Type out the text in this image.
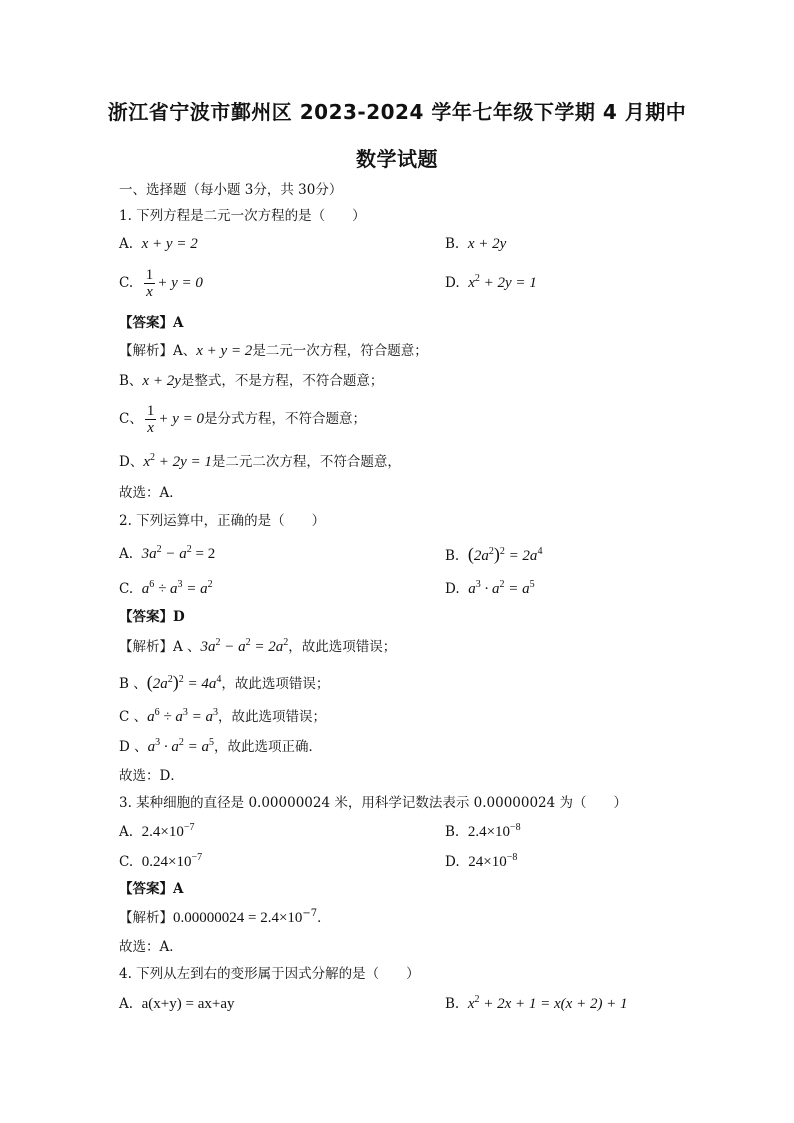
浙江省宁波市鄞州区 2023-2024 学年七年级下学期 4 月期中
数学试题
一、选择题（每小题 3分，共 30分）
1. 下列方程是二元一次方程的是（　　）
A. x + y = 2	B. x + 2y
C. $\frac{1}{x} + y = 0$	D. $x^2 + 2y = 1$
【答案】A
【解析】A、x + y = 2是二元一次方程，符合题意；
B、x + 2y是整式，不是方程，不符合题意；
C、 $\frac{1}{x} + y = 0$是分式方程，不符合题意；
D、$x^2 + 2y = 1$是二元二次方程，不符合题意，
故选：A．
2. 下列运算中，正确的是（　　）
A. $3a^2 - a^2 = 2$	B. $(2a^2)^2 = 2a^4$
C. $a^6 \div a^3 = a^2$	D. $a^3 \cdot a^2 = a^5$
【答案】D
【解析】A 、$3a^2 - a^2 = 2a^2$，故此选项错误；
B 、$(2a^2)^2 = 4a^4$，故此选项错误；
C 、$a^6 \div a^3 = a^3$，故此选项错误；
D 、$a^3 \cdot a^2 = a^5$，故此选项正确．
故选：D．
3. 某种细胞的直径是 0.00000024 米，用科学记数法表示 0.00000024 为（　　）
A. $2.4\times 10^{-7}$	B. $2.4\times 10^{-8}$
C. $0.24\times 10^{-7}$	D. $24\times 10^{-8}$
【答案】A
【解析】$0.00000024 = 2.4\times 10^{-7}$．
故选：A．
4. 下列从左到右的变形属于因式分解的是（　　）
A. a(x+y) = ax+ay	B. $x^2 + 2x + 1 = x(x + 2) + 1$
